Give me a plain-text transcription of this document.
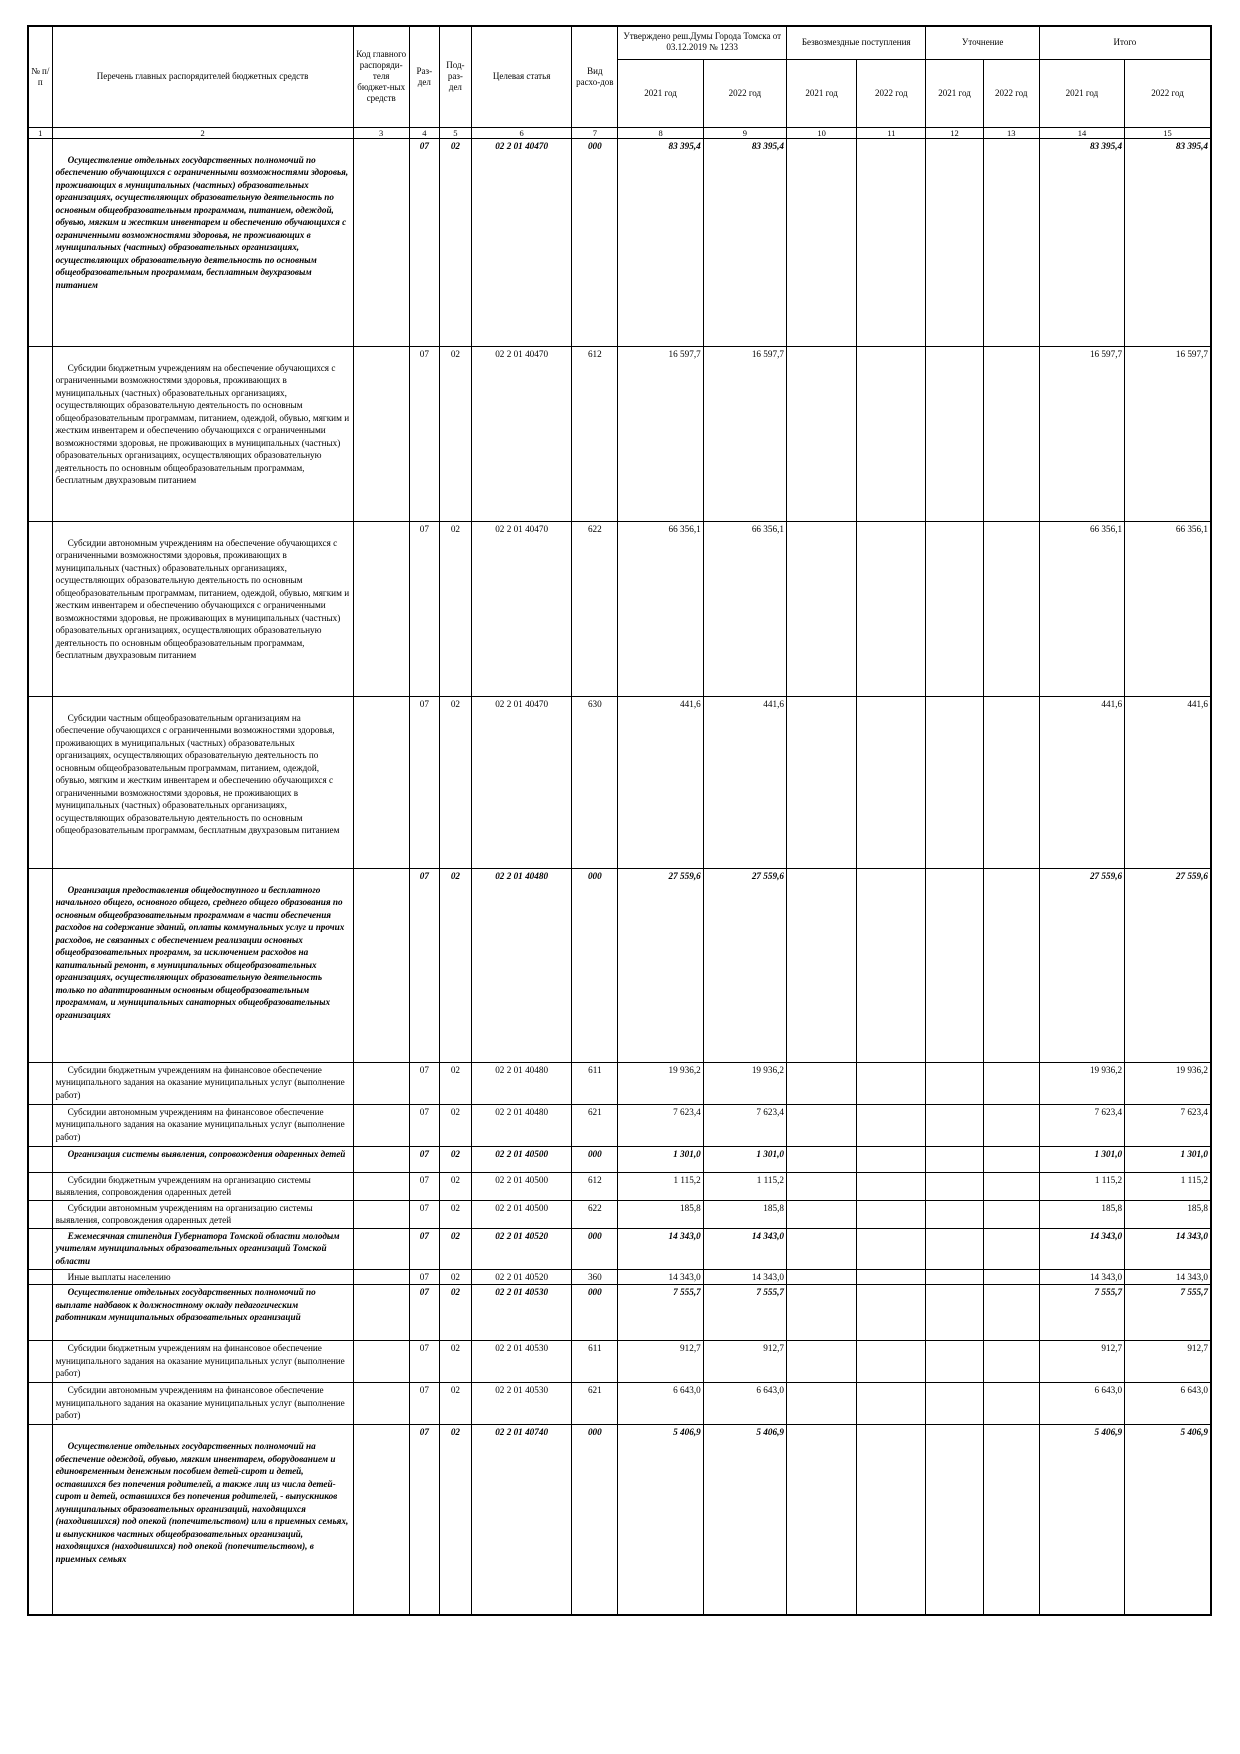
№ п/п	Перечень главных распорядителей бюджетных средств	Код главного распоряди-теля бюджет-ных средств	Раз-дел	Под-раз-дел	Целевая статья	Вид расхо-дов	Утверждено реш.Думы Города Томска от 03.12.2019 № 1233		Безвозмездные поступления		Уточнение		Итого	
							2021 год	2022 год	2021 год	2022 год	2021 год	2022 год	2021 год	2022 год
1	2	3	4	5	6	7	8	9	10	11	12	13	14	15

	Осуществление отдельных государственных полномочий по обеспечению обучающихся с ограниченными возможностями здоровья, проживающих в муниципальных (частных) образовательных организациях, осуществляющих образовательную деятельность по основным общеобразовательным программам, питанием, одеждой, обувью, мягким и жестким инвентарем и обеспечению обучающихся с ограниченными возможностями здоровья, не проживающих в муниципальных (частных) образовательных организациях, осуществляющих образовательную деятельность по основным общеобразовательным программам, бесплатным двухразовым питанием		07	02	02 2 01 40470	000	83 395,4	83 395,4					83 395,4	83 395,4

	Субсидии бюджетным учреждениям на обеспечение обучающихся с ограниченными возможностями здоровья, проживающих в муниципальных (частных) образовательных организациях, осуществляющих образовательную деятельность по основным общеобразовательным программам, питанием, одеждой, обувью, мягким и жестким инвентарем и обеспечению обучающихся с ограниченными возможностями здоровья, не проживающих в муниципальных (частных) образовательных организациях, осуществляющих образовательную деятельность по основным общеобразовательным программам, бесплатным двухразовым питанием		07	02	02 2 01 40470	612	16 597,7	16 597,7					16 597,7	16 597,7

	Субсидии автономным учреждениям на обеспечение обучающихся с ограниченными возможностями здоровья, проживающих в муниципальных (частных) образовательных организациях, осуществляющих образовательную деятельность по основным общеобразовательным программам, питанием, одеждой, обувью, мягким и жестким инвентарем и обеспечению обучающихся с ограниченными возможностями здоровья, не проживающих в муниципальных (частных) образовательных организациях, осуществляющих образовательную деятельность по основным общеобразовательным программам, бесплатным двухразовым питанием		07	02	02 2 01 40470	622	66 356,1	66 356,1					66 356,1	66 356,1

	Субсидии частным общеобразовательным организациям на обеспечение обучающихся с ограниченными возможностями здоровья, проживающих в муниципальных (частных) образовательных организациях, осуществляющих образовательную деятельность по основным общеобразовательным программам, питанием, одеждой, обувью, мягким и жестким инвентарем и обеспечению обучающихся с ограниченными возможностями здоровья, не проживающих в муниципальных (частных) образовательных организациях, осуществляющих образовательную деятельность по основным общеобразовательным программам, бесплатным двухразовым питанием		07	02	02 2 01 40470	630	441,6	441,6					441,6	441,6

	Организация предоставления общедоступного и бесплатного начального общего, основного общего, среднего общего образования по основным общеобразовательным программам в части обеспечения расходов на содержание зданий, оплаты коммунальных услуг и прочих расходов, не связанных с обеспечением реализации основных общеобразовательных программ, за исключением расходов на капитальный ремонт, в муниципальных общеобразовательных организациях, осуществляющих образовательную деятельность только по адаптированным основным общеобразовательным программам, и муниципальных санаторных общеобразовательных организациях		07	02	02 2 01 40480	000	27 559,6	27 559,6					27 559,6	27 559,6

	Субсидии бюджетным учреждениям на финансовое обеспечение муниципального задания на оказание муниципальных услуг (выполнение работ)		07	02	02 2 01 40480	611	19 936,2	19 936,2					19 936,2	19 936,2

	Субсидии автономным учреждениям на финансовое обеспечение муниципального задания на оказание муниципальных услуг (выполнение работ)		07	02	02 2 01 40480	621	7 623,4	7 623,4					7 623,4	7 623,4

	Организация системы выявления, сопровождения одаренных детей		07	02	02 2 01 40500	000	1 301,0	1 301,0					1 301,0	1 301,0

	Субсидии бюджетным учреждениям на организацию системы выявления, сопровождения одаренных детей		07	02	02 2 01 40500	612	1 115,2	1 115,2					1 115,2	1 115,2

	Субсидии автономным учреждениям на организацию системы выявления, сопровождения одаренных детей		07	02	02 2 01 40500	622	185,8	185,8					185,8	185,8

	Ежемесячная стипендия Губернатора Томской области молодым учителям муниципальных образовательных организаций Томской области		07	02	02 2 01 40520	000	14 343,0	14 343,0					14 343,0	14 343,0

	Иные выплаты населению		07	02	02 2 01 40520	360	14 343,0	14 343,0					14 343,0	14 343,0

	Осуществление отдельных государственных полномочий по выплате надбавок к должностному окладу педагогическим работникам муниципальных образовательных организаций		07	02	02 2 01 40530	000	7 555,7	7 555,7					7 555,7	7 555,7

	Субсидии бюджетным учреждениям на финансовое обеспечение муниципального задания на оказание муниципальных услуг (выполнение работ)		07	02	02 2 01 40530	611	912,7	912,7					912,7	912,7

	Субсидии автономным учреждениям на финансовое обеспечение муниципального задания на оказание муниципальных услуг (выполнение работ)		07	02	02 2 01 40530	621	6 643,0	6 643,0					6 643,0	6 643,0

	Осуществление отдельных государственных полномочий на обеспечение одеждой, обувью, мягким инвентарем, оборудованием и единовременным денежным пособием детей-сирот и детей, оставшихся без попечения родителей, а также лиц из числа детей-сирот и детей, оставшихся без попечения родителей, - выпускников муниципальных образовательных организаций, находящихся (находившихся) под опекой (попечительством) или в приемных семьях, и выпускников частных общеобразовательных организаций, находящихся (находившихся) под опекой (попечительством), в приемных семьях		07	02	02 2 01 40740	000	5 406,9	5 406,9					5 406,9	5 406,9
